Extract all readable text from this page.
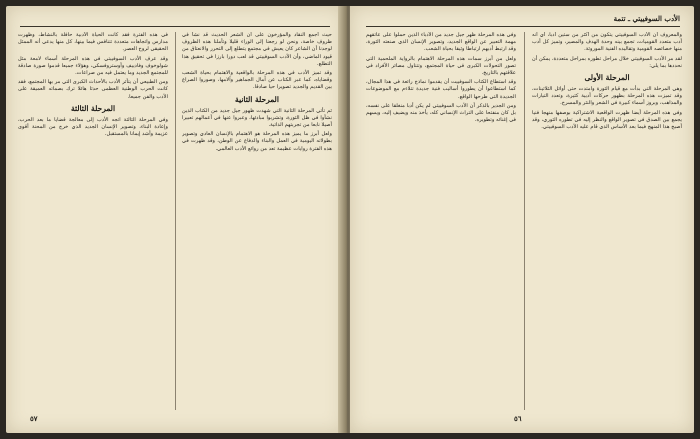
حيث أجمع النقاد والمؤرخون على أن الشعر الحديث قد نشأ في ظروف خاصة، ونحن لو رجعنا إلى الوراء قليلا وتأملنا هذه الظروف لوجدنا أن الشاعر كان يعيش في مجتمع يتطلع إلى التحرر والانعتاق من قيود الماضي، وأن الأدب السوفييتي قد لعب دورا بارزا في تحقيق هذا التطلع.

وقد تميز الأدب في هذه المرحلة بالواقعية والاهتمام بحياة الشعب وقضاياه، كما عبر الكتاب عن آمال الجماهير وآلامها، وصوروا الصراع بين القديم والجديد تصويرا حيا صادقا.

المرحلة الثانية

ثم تأتي المرحلة الثانية التي شهدت ظهور جيل جديد من الكتاب الذين نشأوا في ظل الثورة، وتشربوا مبادئها، وعبروا عنها في أعمالهم تعبيرا أصيلا نابعا من تجربتهم الذاتية.

ولعل أبرز ما يميز هذه المرحلة هو الاهتمام بالإنسان العادي وتصوير بطولاته اليومية في العمل والبناء والدفاع عن الوطن، وقد ظهرت في هذه الفترة روايات عظيمة تعد من روائع الأدب العالمي.

في هذه الفترة فقد كانت الحياة الأدبية حافلة بالنشاط، وظهرت مدارس واتجاهات متعددة تتنافس فيما بينها، كل منها يدعي أنه الممثل الحقيقي لروح العصر.

وقد عرف الأدب السوفييتي في هذه المرحلة أسماء لامعة مثل شولوخوف وفادييف وأوستروفسكي، وهؤلاء جميعا قدموا صورة صادقة للمجتمع الجديد وما يعتمل فيه من صراعات.

ومن الطبيعي أن يتأثر الأدب بالأحداث الكبرى التي مر بها المجتمع، فقد كانت الحرب الوطنية العظمى حدثا هائلا ترك بصماته العميقة على الأدب والفن جميعا.

المرحلة الثالثة

وفي المرحلة الثالثة اتجه الأدب إلى معالجة قضايا ما بعد الحرب، وإعادة البناء، وتصوير الإنسان الجديد الذي خرج من المحنة أقوى عزيمة وأشد إيمانا بالمستقبل.

٥٧
الأدب السوفييتي ـ تتمة

والمعروف أن الأدب السوفييتي يتكون من أكثر من ستين أدبا، أي أنه أدب متعدد القوميات، تجمع بينه وحدة الهدف والمصير، وتميز كل أدب منها خصائصه القومية وتقاليده الفنية الموروثة.

لقد مر الأدب السوفييتي خلال مراحل تطوره بمراحل متعددة، يمكن أن نحددها بما يلي:

المرحلة الأولى

وهي المرحلة التي بدأت مع قيام الثورة وامتدت حتى أوائل الثلاثينات، وقد تميزت هذه المرحلة بظهور حركات أدبية كثيرة، وتعدد التيارات والمذاهب، وبروز أسماء كبيرة في الشعر والنثر والمسرح.

وفي هذه المرحلة أيضا ظهرت الواقعية الاشتراكية بوصفها منهجا فنيا يجمع بين الصدق في تصوير الواقع والنظر إليه في تطوره الثوري، وقد أصبح هذا المنهج فيما بعد الأساس الذي قام عليه الأدب السوفييتي.

وفي هذه المرحلة ظهر جيل جديد من الأدباء الذين حملوا على عاتقهم مهمة التعبير عن الواقع الجديد، وتصوير الإنسان الذي صنعته الثورة، وقد ارتبط أدبهم ارتباطا وثيقا بحياة الشعب.

ولعل من أبرز سمات هذه المرحلة الاهتمام بالرواية الملحمية التي تصور التحولات الكبرى في حياة المجتمع، وتتناول مصائر الأفراد في علاقتهم بالتاريخ.

وقد استطاع الكتاب السوفييت أن يقدموا نماذج رائعة في هذا المجال، كما استطاعوا أن يطوروا أساليب فنية جديدة تتلاءم مع الموضوعات الجديدة التي طرحها الواقع.

ومن الجدير بالذكر أن الأدب السوفييتي لم يكن أدبا منغلقا على نفسه، بل كان منفتحا على التراث الإنساني كله، يأخذ منه ويضيف إليه، ويسهم في إغنائه وتطويره.

٥٦
